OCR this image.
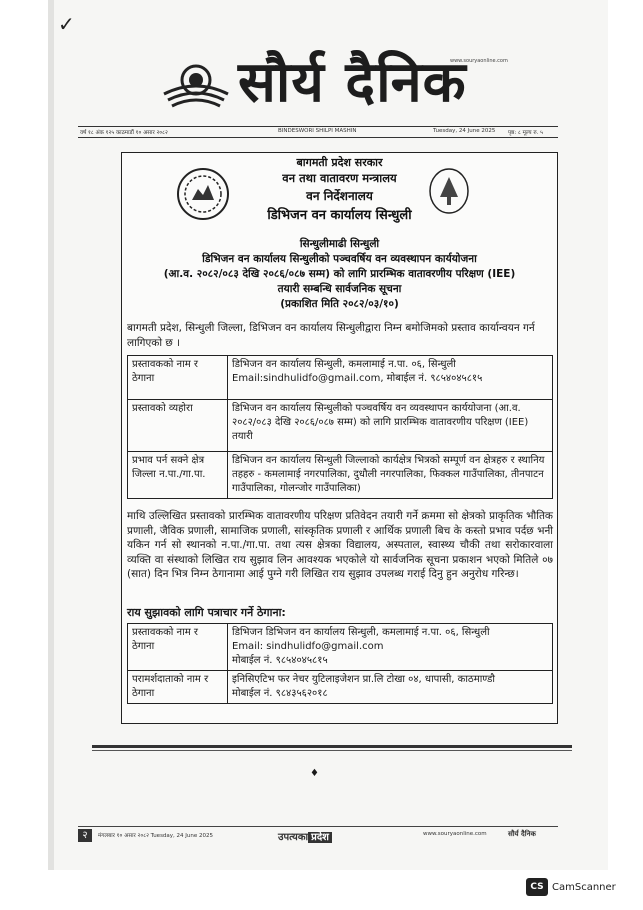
✓
सौर्य दैनिक
www.souryaonline.com
वर्ष १८ अंक १२५ काठमाडौं १० असार २०८२	BINDESWORI SHILPI MASHIN	Tuesday, 24 June 2025 पृष्ठ: ८ मूल्य रु. ५
बागमती प्रदेश सरकार
वन तथा वातावरण मन्त्रालय
वन निर्देशनालय
डिभिजन वन कार्यालय सिन्धुली
सिन्धुलीमाढी सिन्धुली
डिभिजन वन कार्यालय सिन्धुलीको पञ्चवर्षिय वन व्यवस्थापन कार्ययोजना
(आ.व. २०८२/०८३ देखि २०८६/०८७ सम्म) को लागि प्रारम्भिक वातावरणीय परिक्षण (IEE)
तयारी सम्बन्धि सार्वजनिक सूचना
(प्रकाशित मिति २०८२/०३/१०)
बागमती प्रदेश, सिन्धुली जिल्ला, डिभिजन वन कार्यालय सिन्धुलीद्वारा निम्न बमोजिमको प्रस्ताव कार्यान्वयन गर्न लागिएको छ ।
प्रस्तावकको नाम र ठेगाना	डिभिजन वन कार्यालय सिन्धुली, कमलामाई न.पा. ०६, सिन्धुली Email:sindhulidfo@gmail.com, मोबाईल नं. ९८५४०४५८१५
प्रस्तावको व्यहोरा	डिभिजन वन कार्यालय सिन्धुलीको पञ्चवर्षिय वन व्यवस्थापन कार्ययोजना (आ.व. २०८२/०८३ देखि २०८६/०८७ सम्म) को लागि प्रारम्भिक वातावरणीय परिक्षण (IEE) तयारी
प्रभाव पर्न सक्ने क्षेत्र जिल्ला न.पा./गा.पा.	डिभिजन वन कार्यालय सिन्धुली जिल्लाको कार्यक्षेत्र भित्रको सम्पूर्ण वन क्षेत्रहरु र स्थानिय तहहरु - कमलामाई नगरपालिका, दुधौली नगरपालिका, फिक्कल गाउँपालिका, तीनपाटन गाउँपालिका, गोलन्जोर गाउँपालिका)
माथि उल्लिखित प्रस्तावको प्रारम्भिक वातावरणीय परिक्षण प्रतिवेदन तयारी गर्ने क्रममा सो क्षेत्रको प्राकृतिक भौतिक प्रणाली, जैविक प्रणाली, सामाजिक प्रणाली, सांस्कृतिक प्रणाली र आर्थिक प्रणाली बिच के कस्तो प्रभाव पर्दछ भनी यकिन गर्न सो स्थानको न.पा./गा.पा. तथा त्यस क्षेत्रका विद्यालय, अस्पताल, स्वास्थ्य चौकी तथा सरोकारवाला व्यक्ति वा संस्थाको लिखित राय सुझाव लिन आवश्यक भएकोले यो सार्वजनिक सूचना प्रकाशन भएको मितिले ०७ (सात) दिन भित्र निम्न ठेगानामा आई पुग्ने गरी लिखित राय सुझाव उपलब्ध गराई दिनु हुन अनुरोध गरिन्छ।
राय सुझावको लागि पत्राचार गर्ने ठेगाना:
प्रस्तावकको नाम र ठेगाना	डिभिजन डिभिजन वन कार्यालय सिन्धुली, कमलामाई न.पा. ०६, सिन्धुली
Email: sindhulidfo@gmail.com
मोबाईल नं. ९८५४०४५८१५

परामर्शदाताको नाम र ठेगाना	इनिसिएटिभ फर नेचर युटिलाइजेशन प्रा.लि टोखा ०४, धापासी, काठमाण्डौ
मोबाईल नं. ९८४३५६२०१८
♦
२	मंगलबार १० असार २०८२ Tuesday, 24 June 2025	उपत्यका प्रदेश	www.souryaonline.com	सौर्य दैनिक
CS CamScanner
